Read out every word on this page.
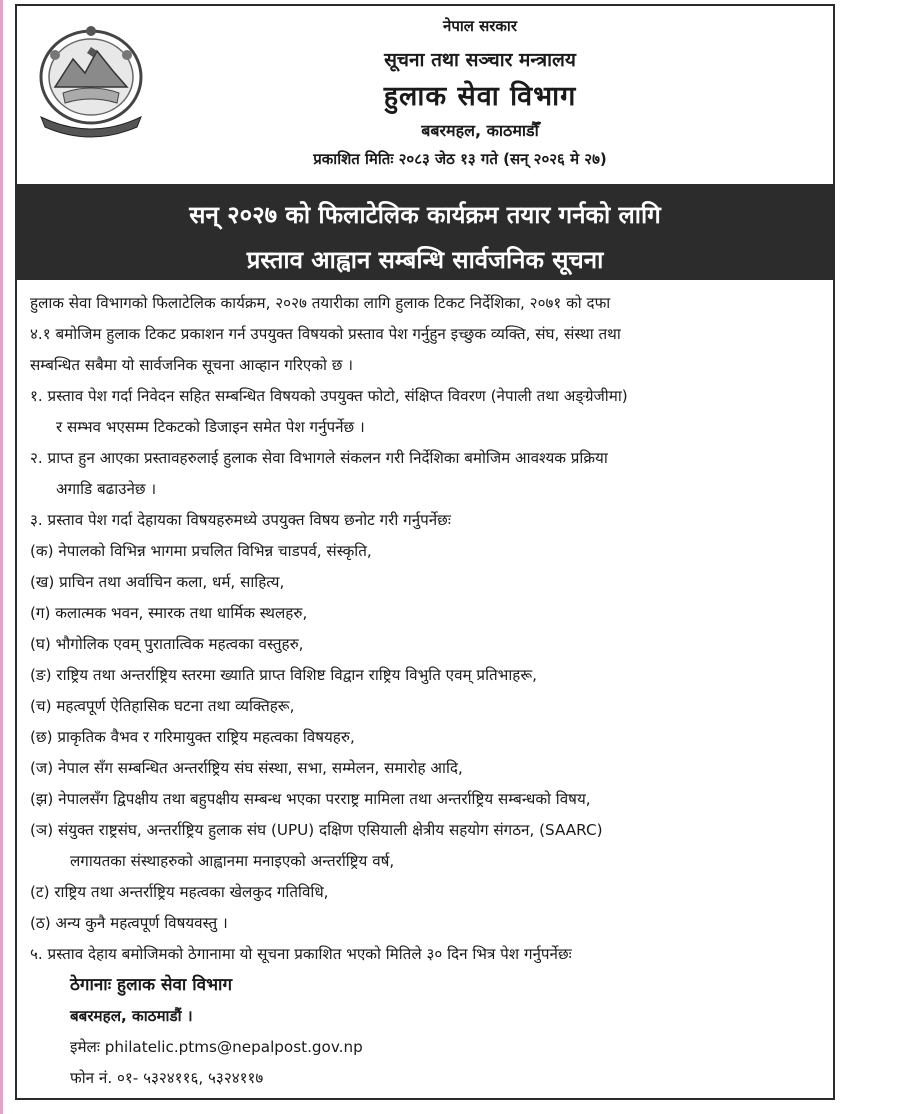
नेपाल सरकार
सूचना तथा सञ्चार मन्त्रालय
हुलाक सेवा विभाग
बबरमहल, काठमाडौँ
प्रकाशित मितिः २०८३ जेठ १३ गते (सन् २०२६ मे २७)
सन् २०२७ को फिलाटेलिक कार्यक्रम तयार गर्नको लागि
प्रस्ताव आह्वान सम्बन्धि सार्वजनिक सूचना

हुलाक सेवा विभागको फिलाटेलिक कार्यक्रम, २०२७ तयारीका लागि हुलाक टिकट निर्देशिका, २०७१ को दफा

४.१ बमोजिम हुलाक टिकट प्रकाशन गर्न उपयुक्त विषयको प्रस्ताव पेश गर्नुहुन इच्छुक व्यक्ति, संघ, संस्था तथा

सम्बन्धित सबैमा यो सार्वजनिक सूचना आव्हान गरिएको छ ।

१. प्रस्ताव पेश गर्दा निवेदन सहित सम्बन्धित विषयको उपयुक्त फोटो, संक्षिप्त विवरण (नेपाली तथा अङ्ग्रेजीमा)

र सम्भव भएसम्म टिकटको डिजाइन समेत पेश गर्नुपर्नेछ ।

२. प्राप्त हुन आएका प्रस्तावहरुलाई हुलाक सेवा विभागले संकलन गरी निर्देशिका बमोजिम आवश्यक प्रक्रिया

अगाडि बढाउनेछ ।

३. प्रस्ताव पेश गर्दा देहायका विषयहरुमध्ये उपयुक्त विषय छनोट गरी गर्नुपर्नेछः

(क) नेपालको विभिन्न भागमा प्रचलित विभिन्न चाडपर्व, संस्कृति,

(ख) प्राचिन तथा अर्वाचिन कला, धर्म, साहित्य,

(ग) कलात्मक भवन, स्मारक तथा धार्मिक स्थलहरु,

(घ) भौगोलिक एवम् पुरातात्विक महत्वका वस्तुहरु,

(ङ) राष्ट्रिय तथा अन्तर्राष्ट्रिय स्तरमा ख्याति प्राप्त विशिष्ट विद्वान राष्ट्रिय विभुति एवम् प्रतिभाहरू,

(च) महत्वपूर्ण ऐतिहासिक घटना तथा व्यक्तिहरू,

(छ) प्राकृतिक वैभव र गरिमायुक्त राष्ट्रिय महत्वका विषयहरु,

(ज) नेपाल सँग सम्बन्धित अन्तर्राष्ट्रिय संघ संस्था, सभा, सम्मेलन, समारोह आदि,

(झ) नेपालसँग द्विपक्षीय तथा बहुपक्षीय सम्बन्ध भएका परराष्ट्र मामिला तथा अन्तर्राष्ट्रिय सम्बन्धको विषय,

(ञ) संयुक्त राष्ट्रसंघ, अन्तर्राष्ट्रिय हुलाक संघ (UPU) दक्षिण एसियाली क्षेत्रीय सहयोग संगठन, (SAARC)

लगायतका संस्थाहरुको आह्वानमा मनाइएको अन्तर्राष्ट्रिय वर्ष,

(ट) राष्ट्रिय तथा अन्तर्राष्ट्रिय महत्वका खेलकुद गतिविधि,

(ठ) अन्य कुनै महत्वपूर्ण विषयवस्तु ।

५. प्रस्ताव देहाय बमोजिमको ठेगानामा यो सूचना प्रकाशित भएको मितिले ३० दिन भित्र पेश गर्नुपर्नेछः

ठेगानाः हुलाक सेवा विभाग

बबरमहल, काठमाडौं ।

इमेलः philatelic.ptms@nepalpost.gov.np

फोन नं. ०१- ५३२४११६, ५३२४११७
